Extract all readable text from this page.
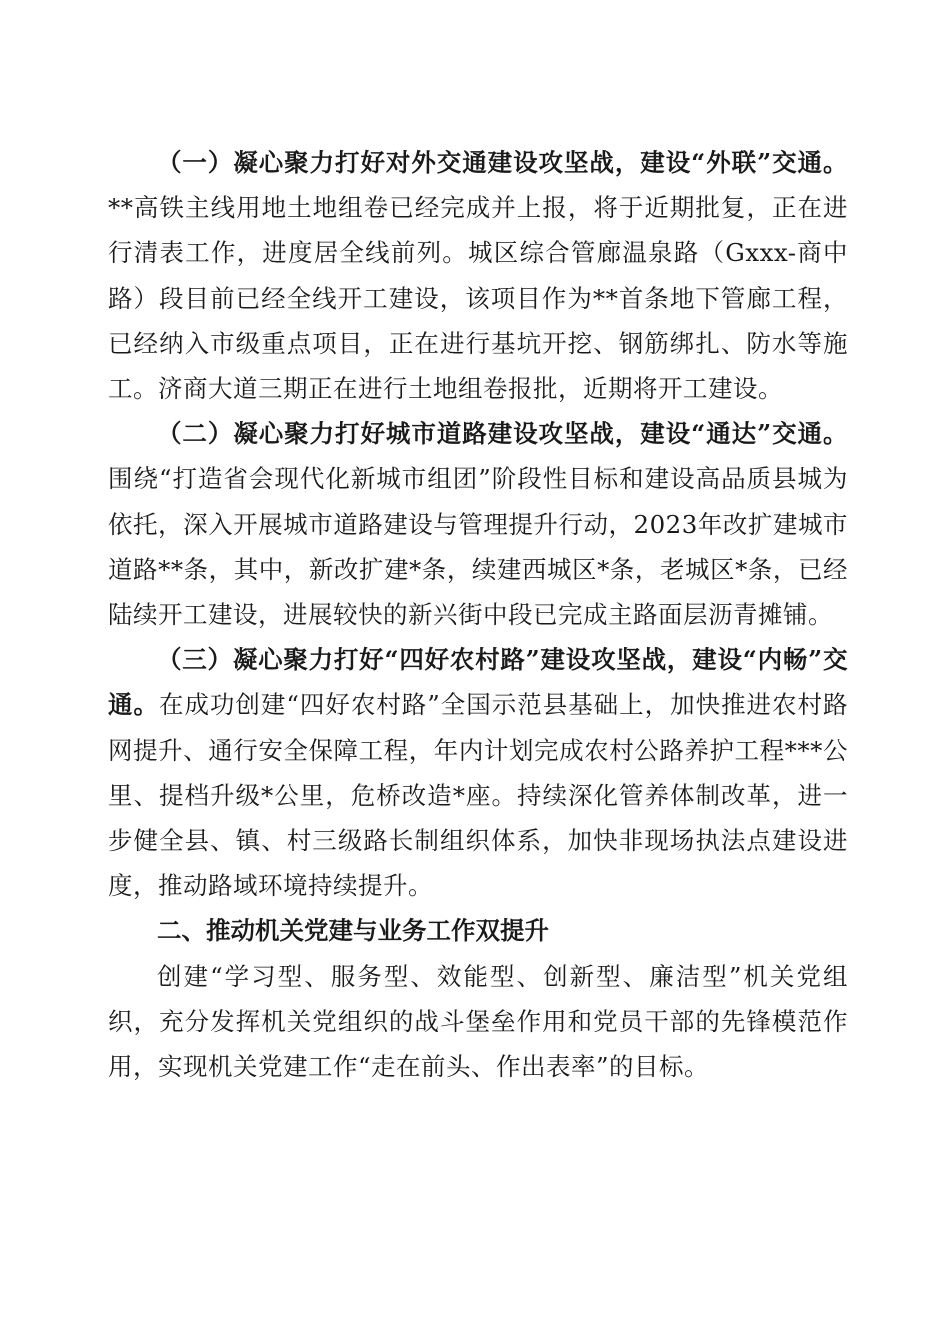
（一）凝心聚力打好对外交通建设攻坚战，建设“外联”交通。**高铁主线用地土地组卷已经完成并上报，将于近期批复，正在进行清表工作，进度居全线前列。城区综合管廊温泉路（Gxxx-商中路）段目前已经全线开工建设，该项目作为**首条地下管廊工程，已经纳入市级重点项目，正在进行基坑开挖、钢筋绑扎、防水等施工。济商大道三期正在进行土地组卷报批，近期将开工建设。

（二）凝心聚力打好城市道路建设攻坚战，建设“通达”交通。围绕“打造省会现代化新城市组团”阶段性目标和建设高品质县城为依托，深入开展城市道路建设与管理提升行动，2023年改扩建城市道路**条，其中，新改扩建*条，续建西城区*条，老城区*条，已经陆续开工建设，进展较快的新兴街中段已完成主路面层沥青摊铺。

（三）凝心聚力打好“四好农村路”建设攻坚战，建设“内畅”交通。在成功创建“四好农村路”全国示范县基础上，加快推进农村路网提升、通行安全保障工程，年内计划完成农村公路养护工程***公里、提档升级*公里，危桥改造*座。持续深化管养体制改革，进一步健全县、镇、村三级路长制组织体系，加快非现场执法点建设进度，推动路域环境持续提升。

二、推动机关党建与业务工作双提升

创建“学习型、服务型、效能型、创新型、廉洁型”机关党组织，充分发挥机关党组织的战斗堡垒作用和党员干部的先锋模范作用，实现机关党建工作“走在前头、作出表率”的目标。
